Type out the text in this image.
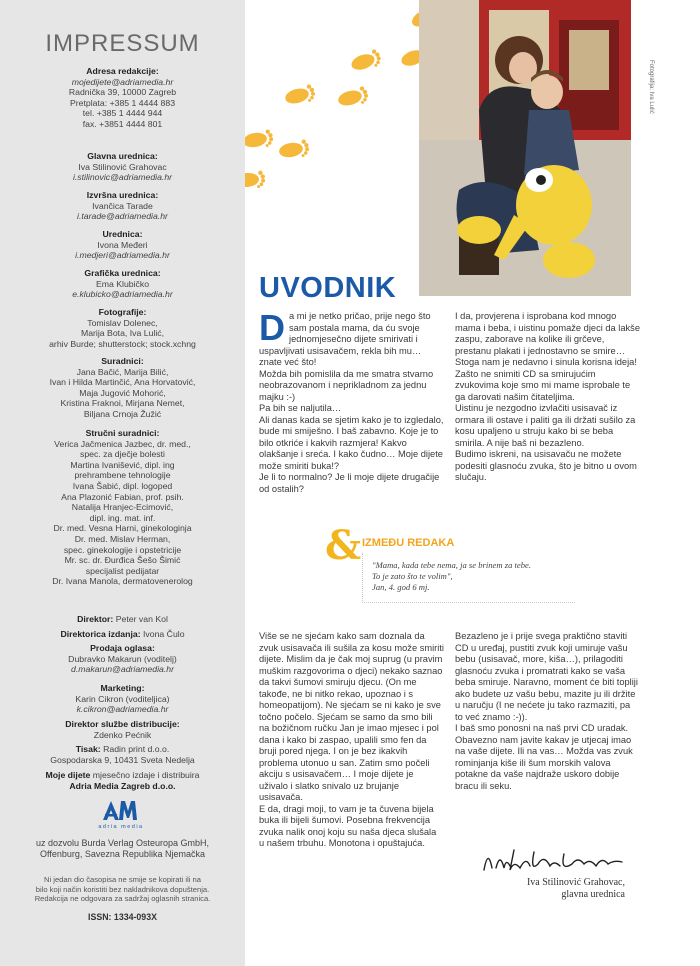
IMPRESSUM
Adresa redakcije:
mojedijete@adriamedia.hr
Radnička 39, 10000 Zagreb
Pretplata: +385 1 4444 883
tel. +385 1 4444 944
fax. +3851 4444 801
Glavna urednica:
Iva Stilinović Grahovac
i.stilinovic@adriamedia.hr
Izvršna urednica:
Ivančica Tarade
i.tarade@adriamedia.hr
Urednica:
Ivona Međeri
i.medjeri@adriamedia.hr
Grafička urednica:
Ema Klubičko
e.klubicko@adriamedia.hr
Fotografije:
Tomislav Dolenec,
Marija Bota, Iva Lulić,
arhiv Burde; shutterstock; stock.xchng
Suradnici:
Jana Bačić, Marija Bilić,
Ivan i Hilda Martinčić, Ana Horvatović,
Maja Jugović Mohorić,
Kristina Fraknoi, Mirjana Nemet,
Biljana Crnoja Žužić
Stručni suradnici:
Verica Jačmenica Jazbec, dr. med.,
spec. za dječje bolesti
Martina Ivanišević, dipl. ing
prehrambene tehnologije
Ivana Šabić, dipl. logoped
Ana Plazonić Fabian, prof. psih.
Natalija Hranjec-Ecimović,
dipl. ing. mat. inf.
Dr. med. Vesna Harni, ginekologinja
Dr. med. Mislav Herman,
spec. ginekologije i opstetricije
Mr. sc. dr. Đurđica Šešo Šimić
specijalist pedijatar
Dr. Ivana Manola, dermatovenerolog
Direktor: Peter van Kol
Direktorica izdanja: Ivona Čulo
Prodaja oglasa:
Dubravko Makarun (voditelj)
d.makarun@adriamedia.hr
Marketing:
Karin Cikron (voditeljica)
k.cikron@adriamedia.hr
Direktor službe distribucije:
Zdenko Pećnik
Tisak: Radin print d.o.o.
Gospodarska 9, 10431 Sveta Nedelja
Moje dijete mjesečno izdaje i distribuira
Adria Media Zagreb d.o.o.
adria media
uz dozvolu Burda Verlag Osteuropa GmbH,
Offenburg, Savezna Republika Njemačka
Ni jedan dio časopisa ne smije se kopirati ili na
bilo koji način koristiti bez nakladnikova dopuštenja.
Redakcija ne odgovara za sadržaj oglasnih stranica.
ISSN: 1334-093X
Fotografija: Iva Lulić
UVODNIK

Da mi je netko pričao, prije nego što sam postala mama, da ću svoje jednomjesečno dijete smirivati i uspavljivati usisavačem, rekla bih mu… znate već što!

Možda bih pomislila da me smatra stvarno neobrazovanom i neprikladnom za jednu majku :-)

Pa bih se naljutila…

Ali danas kada se sjetim kako je to izgledalo, bude mi smiješno. I baš zabavno. Koje je to bilo otkriće i kakvih razmjera! Kakvo olakšanje i sreća. I kako čudno… Moje dijete može smiriti buka!?

Je li to normalno? Je li moje dijete drugačije od ostalih?

I da, provjerena i isprobana kod mnogo mama i beba, i uistinu pomaže djeci da lakše zaspu, zaborave na kolike ili grčeve, prestanu plakati i jednostavno se smire…

Stoga nam je nedavno i sinula korisna ideja! Zašto ne snimiti CD sa smirujućim zvukovima koje smo mi mame isprobale te ga darovati našim čitateljima.

Uistinu je nezgodno izvlačiti usisavač iz ormara ili ostave i paliti ga ili držati sušilo za kosu upaljeno u struju kako bi se beba smirila. A nije baš ni bezazleno.

Budimo iskreni, na usisavaču ne možete podesiti glasnoću zvuka, što je bitno u ovom slučaju.

& IZMEĐU REDAKA
"Mama, kada tebe nema, ja se brinem za tebe.
To je zato što te volim",
Jan, 4. god 6 mj.

Više se ne sjećam kako sam doznala da zvuk usisavača ili sušila za kosu može smiriti dijete. Mislim da je čak moj suprug (u pravim muškim razgovorima o djeci) nekako saznao da takvi šumovi smiruju djecu. (On me takođe, ne bi nitko rekao, upoznao i s homeopatijom). Ne sjećam se ni kako je sve točno počelo. Sjećam se samo da smo bili na božičnom ručku Jan je imao mjesec i pol dana i kako bi zaspao, upalili smo fen da bruji pored njega. I on je bez ikakvih problema utonuo u san. Zatim smo počeli akciju s usisavačem… I moje dijete je uživalo i slatko snivalo uz brujanje usisavača.

E da, dragi moji, to vam je ta čuvena bijela buka ili bijeli šumovi. Posebna frekvencija zvuka nalik onoj koju su naša djeca slušala u našem trbuhu. Monotona i opuštajuća.

Bezazleno je i prije svega praktično staviti CD u uređaj, pustiti zvuk koji umiruje vašu bebu (usisavač, more, kiša…), prilagoditi glasnoću zvuka i promatrati kako se vaša beba smiruje. Naravno, moment će biti topliji ako budete uz vašu bebu, mazite ju ili držite u naručju (I ne nećete ju tako razmaziti, pa to već znamo :-)).

I baš smo ponosni na naš prvi CD uradak. Obavezno nam javite kakav je utjecaj imao na vaše dijete. Ili na vas… Možda vas zvuk rominjanja kiše ili šum morskih valova potakne da vaše najdraže uskoro dobije bracu ili seku.

Iva Stilinović Grahovac,
glavna urednica
